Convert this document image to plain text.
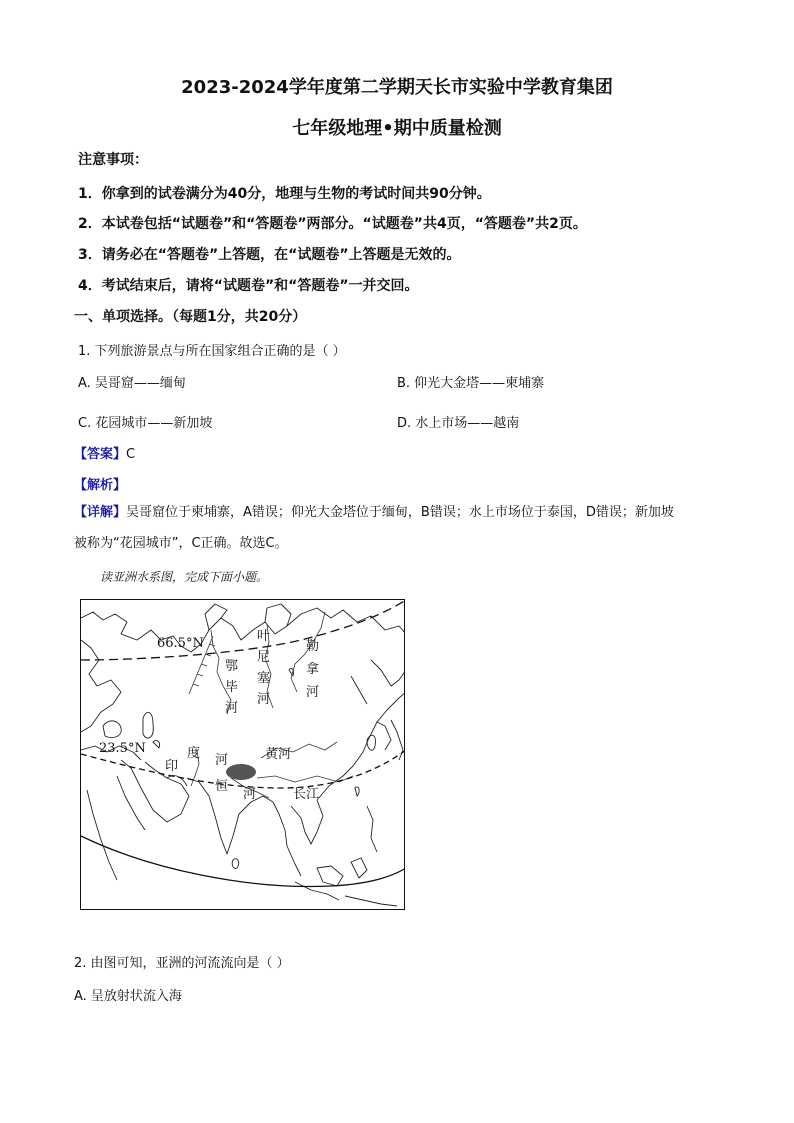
2023-2024学年度第二学期天长市实验中学教育集团
七年级地理•期中质量检测
注意事项：
1．你拿到的试卷满分为40分，地理与生物的考试时间共90分钟。
2．本试卷包括“试题卷”和“答题卷”两部分。“试题卷”共4页，“答题卷”共2页。
3．请务必在“答题卷”上答题，在“试题卷”上答题是无效的。
4．考试结束后，请将“试题卷”和“答题卷”一并交回。
一、单项选择。（每题1分，共20分）
1. 下列旅游景点与所在国家组合正确的是（ ）
A. 吴哥窟——缅甸	B. 仰光大金塔——柬埔寨
C. 花园城市——新加坡	D. 水上市场——越南
【答案】C
【解析】
【详解】吴哥窟位于柬埔寨，A错误；仰光大金塔位于缅甸，B错误；水上市场位于泰国，D错误；新加坡
被称为“花园城市”，C正确。故选C。
读亚洲水系图，完成下面小题。
66.5°N
23.5°N
鄂
毕
河
叶
尼
塞
河
勒
拿
河
印
度 河
恒
河
黄河
长江
2. 由图可知，亚洲的河流流向是（ ）
A. 呈放射状流入海
